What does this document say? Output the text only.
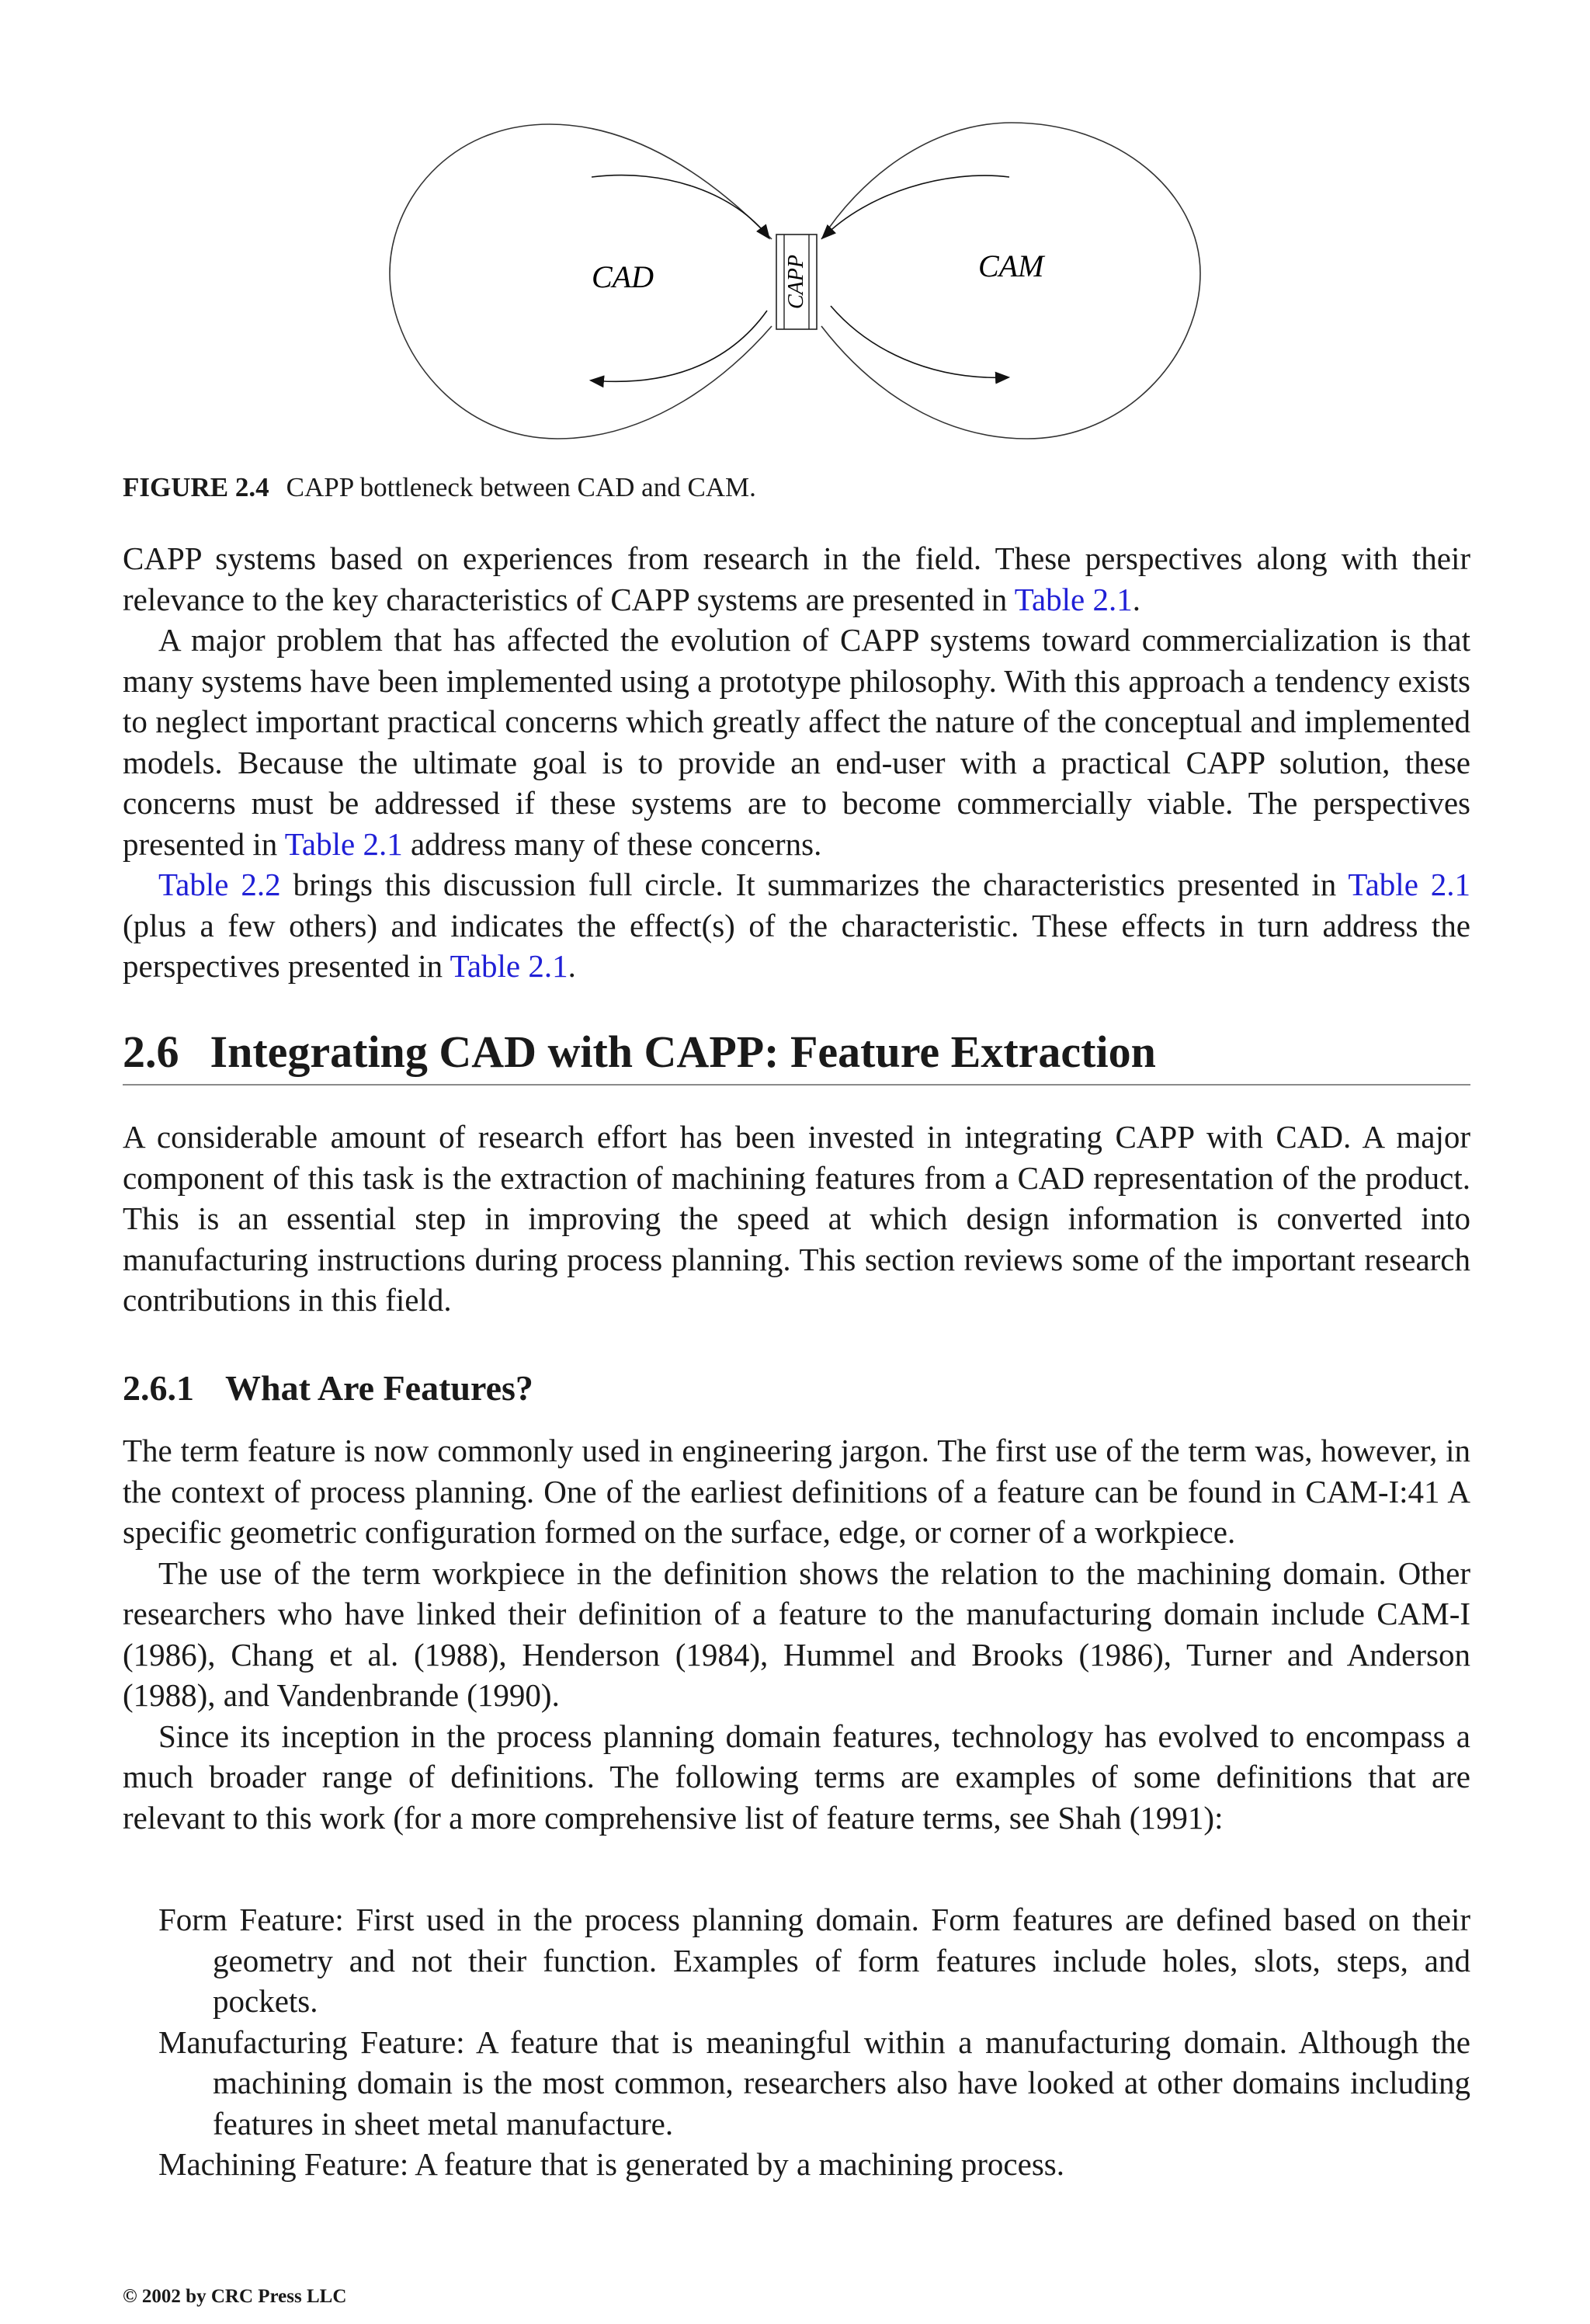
CAPP
CAD	CAM
FIGURE 2.4 CAPP bottleneck between CAD and CAM.

CAPP systems based on experiences from research in the field. These perspectives along with their relevance to the key characteristics of CAPP systems are presented in Table 2.1.

A major problem that has affected the evolution of CAPP systems toward commercialization is that many systems have been implemented using a prototype philosophy. With this approach a tendency exists to neglect important practical concerns which greatly affect the nature of the conceptual and implemented models. Because the ultimate goal is to provide an end-user with a practical CAPP solution, these concerns must be addressed if these systems are to become commercially viable. The perspectives presented in Table 2.1 address many of these concerns.

Table 2.2 brings this discussion full circle. It summarizes the characteristics presented in Table 2.1 (plus a few others) and indicates the effect(s) of the characteristic. These effects in turn address the perspectives presented in Table 2.1.

2.6 Integrating CAD with CAPP: Feature Extraction

A considerable amount of research effort has been invested in integrating CAPP with CAD. A major component of this task is the extraction of machining features from a CAD representation of the product. This is an essential step in improving the speed at which design information is converted into manufacturing instructions during process planning. This section reviews some of the important research contributions in this field.

2.6.1 What Are Features?

The term feature is now commonly used in engineering jargon. The first use of the term was, however, in the context of process planning. One of the earliest definitions of a feature can be found in CAM-I:41 A specific geometric configuration formed on the surface, edge, or corner of a workpiece.

The use of the term workpiece in the definition shows the relation to the machining domain. Other researchers who have linked their definition of a feature to the manufacturing domain include CAM-I (1986), Chang et al. (1988), Henderson (1984), Hummel and Brooks (1986), Turner and Anderson (1988), and Vandenbrande (1990).

Since its inception in the process planning domain features, technology has evolved to encompass a much broader range of definitions. The following terms are examples of some definitions that are relevant to this work (for a more comprehensive list of feature terms, see Shah (1991):

Form Feature: First used in the process planning domain. Form features are defined based on their geometry and not their function. Examples of form features include holes, slots, steps, and pockets.

Manufacturing Feature: A feature that is meaningful within a manufacturing domain. Although the machining domain is the most common, researchers also have looked at other domains including features in sheet metal manufacture.

Machining Feature: A feature that is generated by a machining process.

© 2002 by CRC Press LLC
